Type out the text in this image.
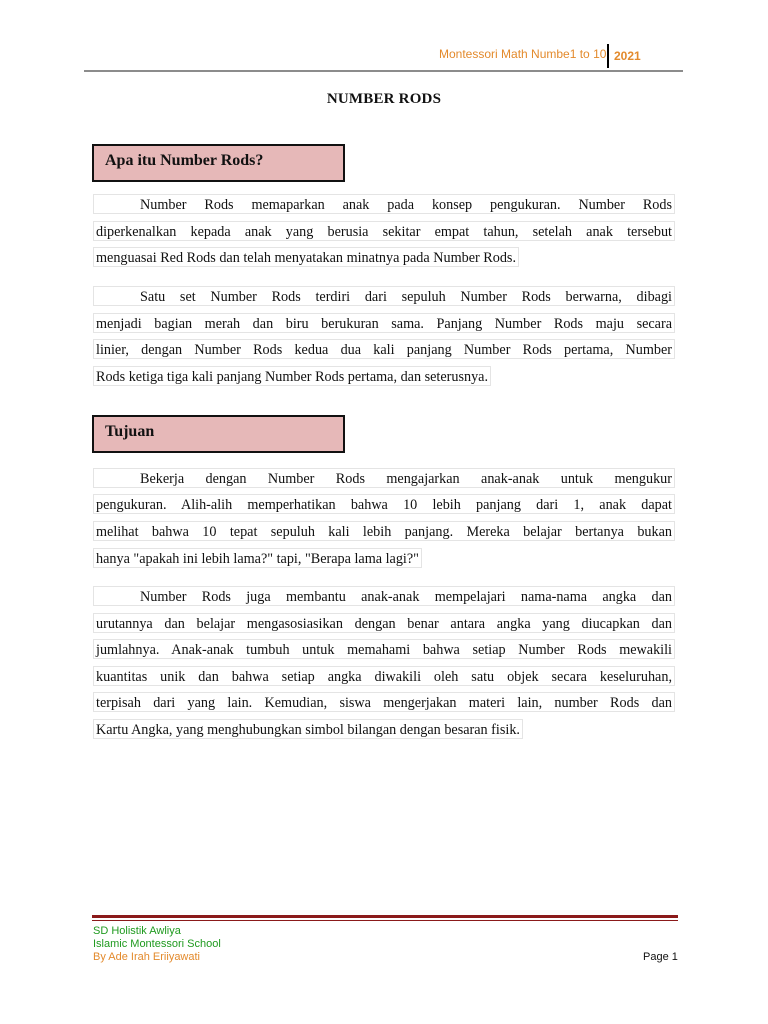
Montessori Math Numbe1 to 10 2021
NUMBER RODS
Apa itu Number Rods?
Number Rods memaparkan anak pada konsep pengukuran. Number Rods
diperkenalkan kepada anak yang berusia sekitar empat tahun, setelah anak tersebut
menguasai Red Rods dan telah menyatakan minatnya pada Number Rods.
Satu set Number Rods terdiri dari sepuluh Number Rods berwarna, dibagi
menjadi bagian merah dan biru berukuran sama. Panjang Number Rods maju secara
linier, dengan Number Rods kedua dua kali panjang Number Rods pertama, Number
Rods ketiga tiga kali panjang Number Rods pertama, dan seterusnya.
Tujuan
Bekerja dengan Number Rods mengajarkan anak-anak untuk mengukur
pengukuran. Alih-alih memperhatikan bahwa 10 lebih panjang dari 1, anak dapat
melihat bahwa 10 tepat sepuluh kali lebih panjang. Mereka belajar bertanya bukan
hanya "apakah ini lebih lama?" tapi, "Berapa lama lagi?"
Number Rods juga membantu anak-anak mempelajari nama-nama angka dan
urutannya dan belajar mengasosiasikan dengan benar antara angka yang diucapkan dan
jumlahnya. Anak-anak tumbuh untuk memahami bahwa setiap Number Rods mewakili
kuantitas unik dan bahwa setiap angka diwakili oleh satu objek secara keseluruhan,
terpisah dari yang lain. Kemudian, siswa mengerjakan materi lain, number Rods dan
Kartu Angka, yang menghubungkan simbol bilangan dengan besaran fisik.
SD Holistik Awliya
Islamic Montessori School
By Ade Irah Eriiyawati	Page 1
